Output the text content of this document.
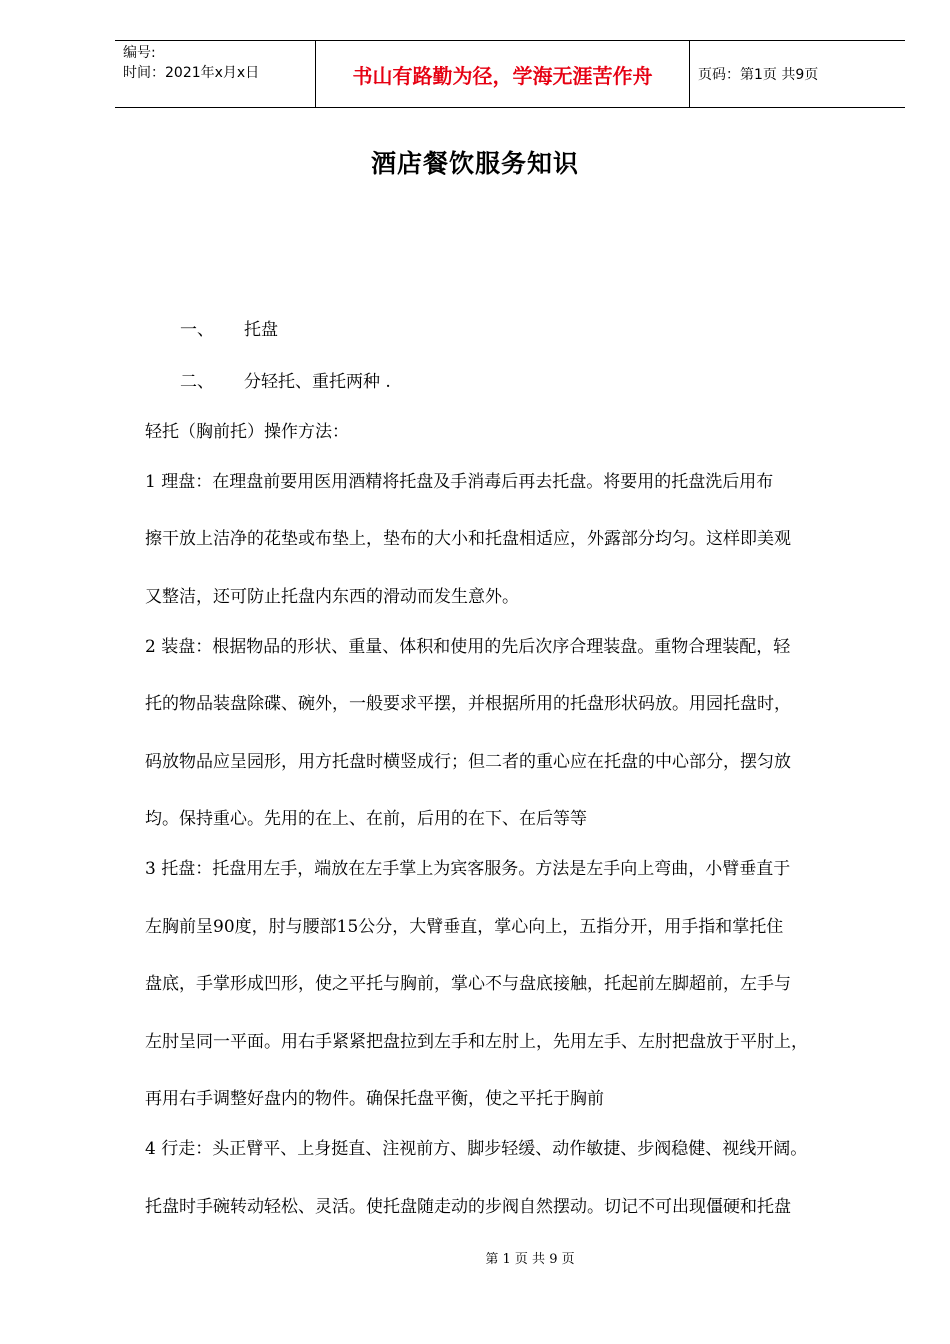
编号:
时间：2021年x月x日	书山有路勤为径，学海无涯苦作舟	页码：第1页 共9页
酒店餐饮服务知识
一、 托盘
二、 分轻托、重托两种 .
轻托（胸前托）操作方法：
1 理盘：在理盘前要用医用酒精将托盘及手消毒后再去托盘。将要用的托盘洗后用布
擦干放上洁净的花垫或布垫上，垫布的大小和托盘相适应，外露部分均匀。这样即美观
又整洁，还可防止托盘内东西的滑动而发生意外。
2 装盘：根据物品的形状、重量、体积和使用的先后次序合理装盘。重物合理装配，轻
托的物品装盘除碟、碗外，一般要求平摆，并根据所用的托盘形状码放。用园托盘时，
码放物品应呈园形，用方托盘时横竖成行；但二者的重心应在托盘的中心部分，摆匀放
均。保持重心。先用的在上、在前，后用的在下、在后等等
3 托盘：托盘用左手，端放在左手掌上为宾客服务。方法是左手向上弯曲，小臂垂直于
左胸前呈90度，肘与腰部15公分，大臂垂直，掌心向上，五指分开，用手指和掌托住
盘底，手掌形成凹形，使之平托与胸前，掌心不与盘底接触，托起前左脚超前，左手与
左肘呈同一平面。用右手紧紧把盘拉到左手和左肘上，先用左手、左肘把盘放于平肘上，
再用右手调整好盘内的物件。确保托盘平衡，使之平托于胸前
4 行走：头正臂平、上身挺直、注视前方、脚步轻缓、动作敏捷、步阀稳健、视线开阔。
托盘时手碗转动轻松、灵活。使托盘随走动的步阀自然摆动。切记不可出现僵硬和托盘
第 1 页 共 9 页
